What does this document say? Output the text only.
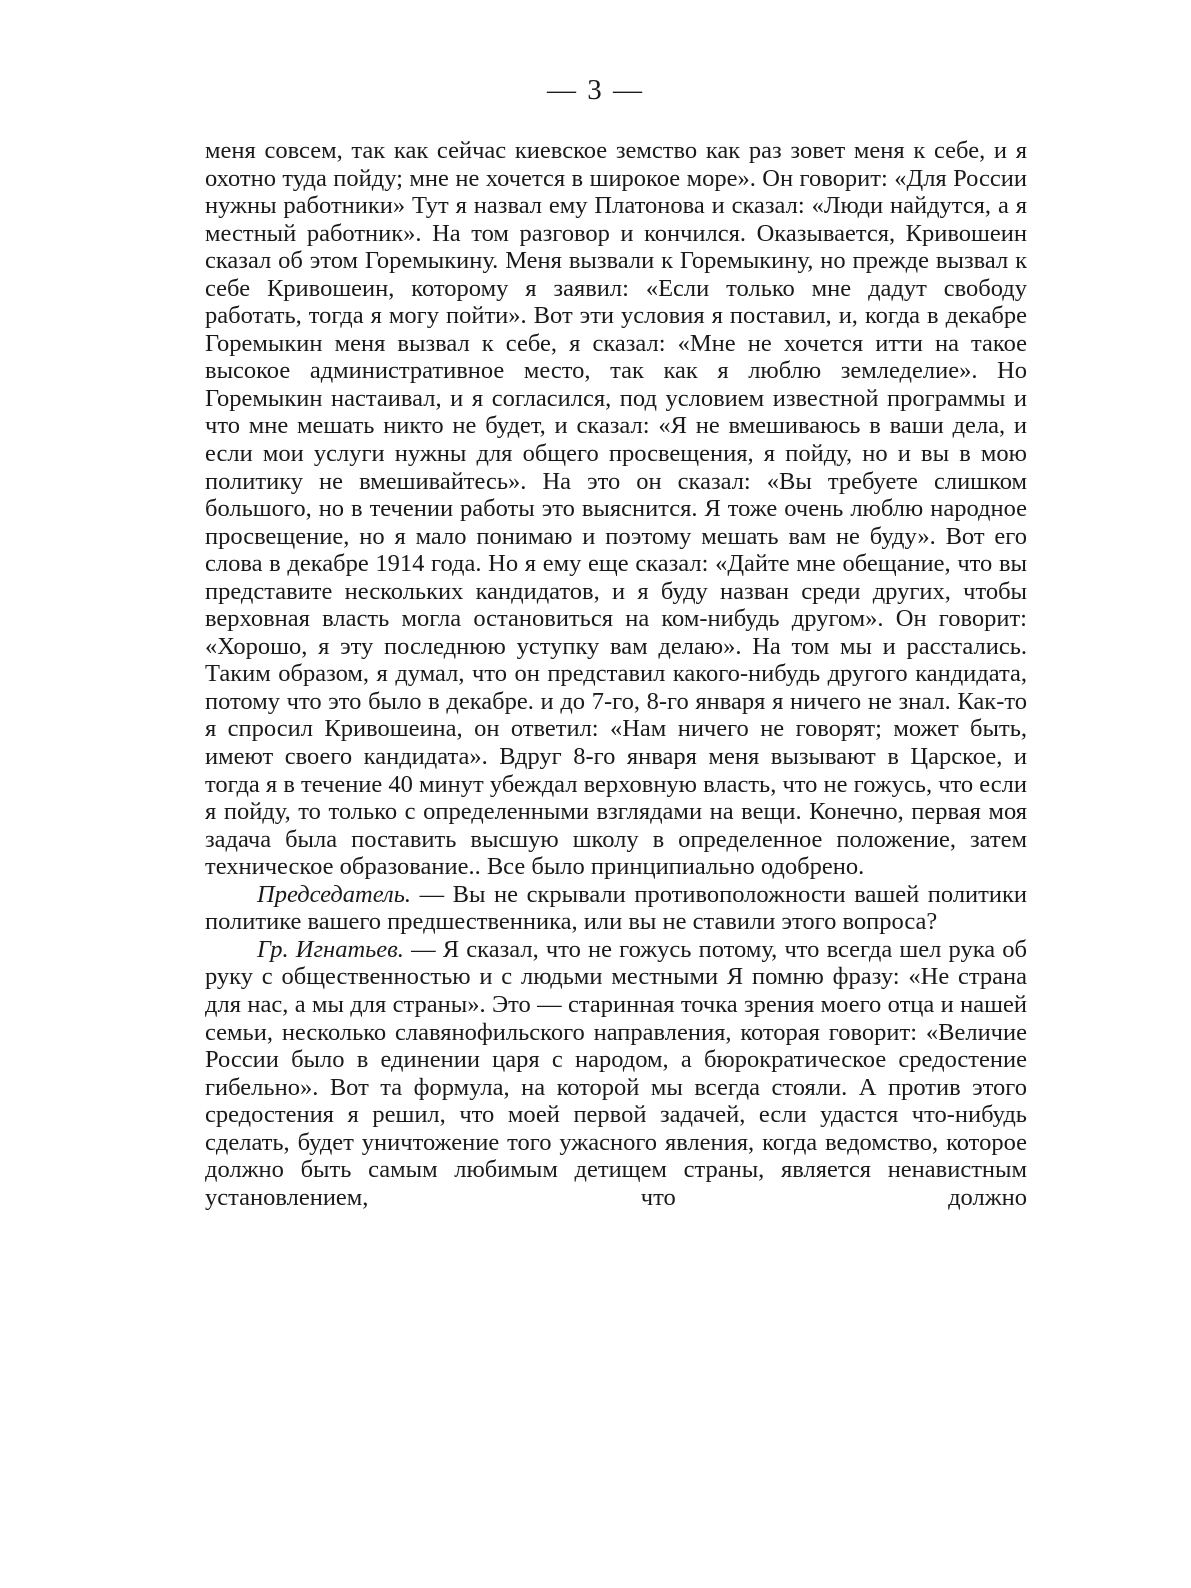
— 3 —

меня совсем, так как сейчас киевское земство как раз зовет меня к себе, и я охотно туда пойду; мне не хочется в широкое море». Он говорит: «Для России нужны работники» Тут я назвал ему Платонова и сказал: «Люди найдутся, а я местный работник». На том разговор и кончился. Оказывается, Кривошеин сказал об этом Горемыкину. Меня вызвали к Горемыкину, но прежде вызвал к себе Кривошеин, которому я заявил: «Если только мне дадут свободу работать, тогда я могу пойти». Вот эти условия я поставил, и, когда в декабре Горемыкин меня вызвал к себе, я сказал: «Мне не хочется итти на такое высокое административное место, так как я люблю земледелие». Но Горемыкин настаивал, и я согласился, под условием известной программы и что мне мешать никто не будет, и сказал: «Я не вмешиваюсь в ваши дела, и если мои услуги нужны для общего просвещения, я пойду, но и вы в мою политику не вмешивайтесь». На это он сказал: «Вы требуете слишком большого, но в течении работы это выяснится. Я тоже очень люблю народное просвещение, но я мало понимаю и поэтому мешать вам не буду». Вот его слова в декабре 1914 года. Но я ему еще сказал: «Дайте мне обещание, что вы представите нескольких кандидатов, и я буду назван среди других, чтобы верховная власть могла остановиться на ком-нибудь другом». Он говорит: «Хорошо, я эту последнюю уступку вам делаю». На том мы и расстались. Таким образом, я думал, что он представил какого-нибудь другого кандидата, потому что это было в декабре. и до 7-го, 8-го января я ничего не знал. Как-то я спросил Кривошеина, он ответил: «Нам ничего не говорят; может быть, имеют своего кандидата». Вдруг 8-го января меня вызывают в Царское, и тогда я в течение 40 минут убеждал верховную власть, что не гожусь, что если я пойду, то только с определенными взглядами на вещи. Конечно, первая моя задача была поставить высшую школу в определенное положение, затем техническое образование.. Все было принципиально одобрено.

Председатель. — Вы не скрывали противоположности вашей политики политике вашего предшественника, или вы не ставили этого вопроса?

Гр. Игнатьев. — Я сказал, что не гожусь потому, что всегда шел рука об руку с общественностью и с людьми местными Я помню фразу: «Не страна для нас, а мы для страны». Это — старинная точка зрения моего отца и нашей семьи, несколько славянофильского направления, которая говорит: «Величие России было в единении царя с народом, а бюрократическое средостение гибельно». Вот та формула, на которой мы всегда стояли. А против этого средостения я решил, что моей первой задачей, если удастся что-нибудь сделать, будет уничтожение того ужасного явления, когда ведомство, которое должно быть самым любимым детищем страны, является ненавистным установлением, что должно
